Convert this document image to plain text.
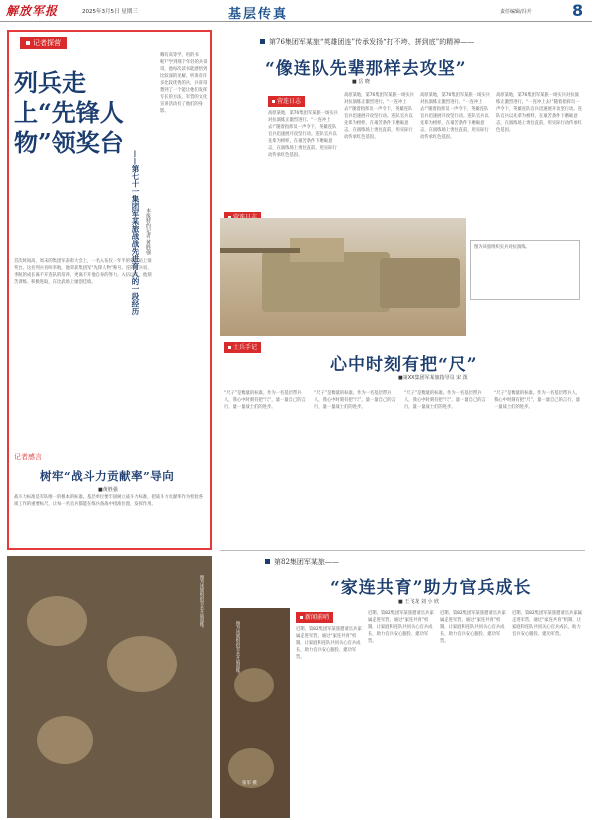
解放军报	2025年3月5日 星期三	基层传真	责任编辑/冯升	8
记者探营
列兵走上“先锋人物”领奖台
——第七十一集团军某旅战战先进育人的一段经历 本报特约记者 黄胜强
哪有高等学，用的书呢?”学到那个年轻的兵哥哥，他每次读书能感悟到比较深的见解，听说有许多比较优秀的兵，兵哥哥想到了一个能让他们发挥专长的方法，军营的文化宣讲活动有了他们的身影。
首次时间高，周末的集团军表彰大会上，一名入伍仅一年半的列兵站上领奖台。这名列兵名叫李航，他荣获集团军“先锋人物”称号。连队官兵说，李航的成长离不开连队的培养，更离不开他自身的努力。入伍以来，他刻苦训练、积极进取，在比武场上屡创佳绩。
记者感言
树牢“战斗力贡献率”导向
■黄胜强
战斗力标准是军队唯一的根本的标准。基层单位要牢固树立战斗力标准，把战斗力贡献率作为检验各项工作的重要标尺，让每一名官兵都能在练兵备战中找准位置、发挥作用。
第76集团军某旅“英雄团连”传承发扬“打不垮、拼到底”的精神——
“像连队先辈那样去攻坚”
■ 岳 晓
营连日志
高原某地，第76集团军某旅一场实兵对抗演练正激烈进行。“一连冲上去!”随着指挥员一声令下，英雄连队官兵迅速展开攻坚行动。连队官兵以先辈为榜样，在艰苦条件下磨砺意志，在演练场上勇往直前，用实际行动传承红色基因。
高原某地，第76集团军某旅一场实兵对抗演练正激烈进行。“一连冲上去!”随着指挥员一声令下，英雄连队官兵迅速展开攻坚行动。连队官兵以先辈为榜样，在艰苦条件下磨砺意志，在演练场上勇往直前，用实际行动传承红色基因。
高原某地，第76集团军某旅一场实兵对抗演练正激烈进行。“一连冲上去!”随着指挥员一声令下，英雄连队官兵迅速展开攻坚行动。连队官兵以先辈为榜样，在艰苦条件下磨砺意志，在演练场上勇往直前，用实际行动传承红色基因。
高原某地，第76集团军某旅一场实兵对抗演练正激烈进行。“一连冲上去!”随着指挥员一声令下，英雄连队官兵迅速展开攻坚行动。连队官兵以先辈为榜样，在艰苦条件下磨砺意志，在演练场上勇往直前，用实际行动传承红色基因。
图为该旅组织实兵对抗演练。
士兵手记
心中时刻有把“尺”
■第XX集团军某旅指导员 宋 泼
“尺子”是衡量的标准。作为一名基层带兵人，我心中时刻有把“尺”，量一量自己的言行，量一量战士们的进步。
“尺子”是衡量的标准。作为一名基层带兵人，我心中时刻有把“尺”，量一量自己的言行，量一量战士们的进步。
“尺子”是衡量的标准。作为一名基层带兵人，我心中时刻有把“尺”，量一量自己的言行，量一量战士们的进步。
“尺子”是衡量的标准。作为一名基层带兵人，我心中时刻有把“尺”，量一量自己的言行，量一量战士们的进步。
第82集团军某旅——
“家连共育”助力官兵成长
■ 王飞龙 刘 小 欣
图为该旅组织官兵开展训练。
张军 摄
新闻前哨
近期，第82集团军某旅邀请官兵家属走进军营，通过“家连共育”机制，让家庭和连队共同关心官兵成长，助力官兵安心服役、建功军营。
近期，第82集团军某旅邀请官兵家属走进军营，通过“家连共育”机制，让家庭和连队共同关心官兵成长，助力官兵安心服役、建功军营。
近期，第82集团军某旅邀请官兵家属走进军营，通过“家连共育”机制，让家庭和连队共同关心官兵成长，助力官兵安心服役、建功军营。
近期，第82集团军某旅邀请官兵家属走进军营，通过“家连共育”机制，让家庭和连队共同关心官兵成长，助力官兵安心服役、建功军营。
图为该旅组织官兵开展训练。
